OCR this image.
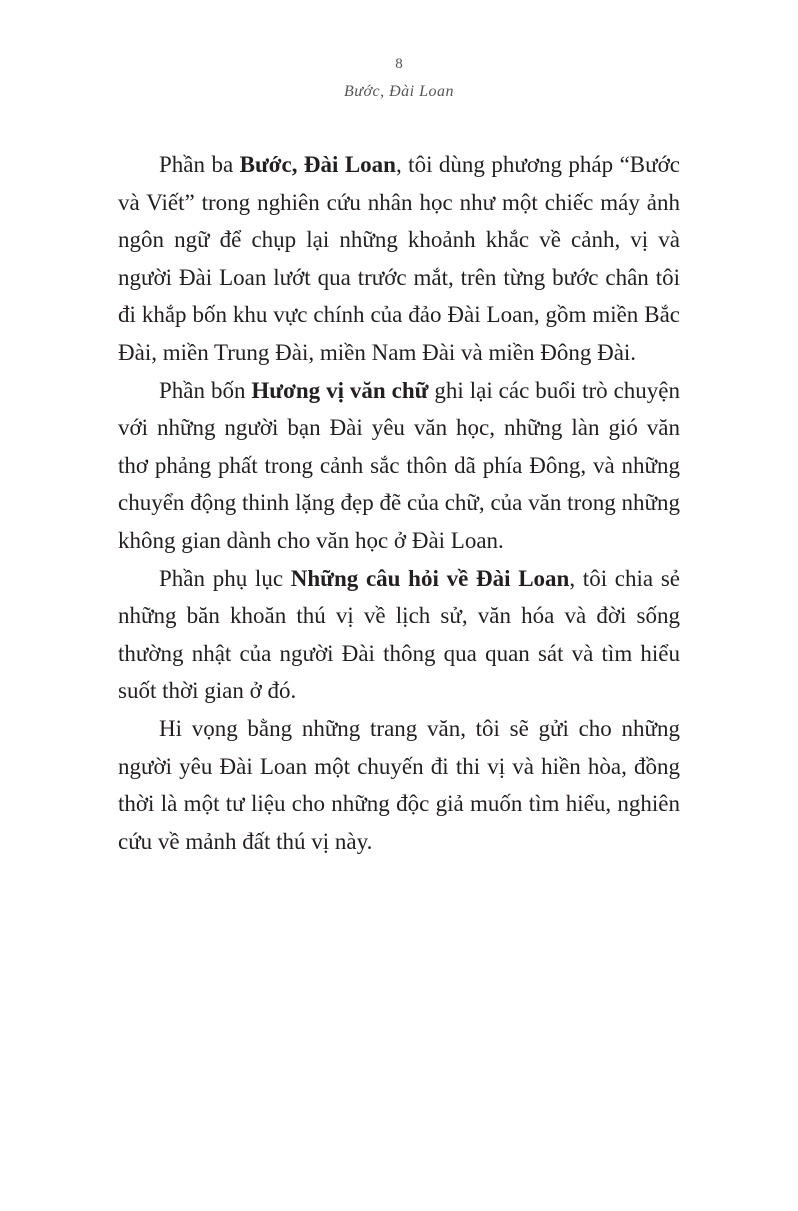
8
Bước, Đài Loan

Phần ba Bước, Đài Loan, tôi dùng phương pháp “Bước và Viết” trong nghiên cứu nhân học như một chiếc máy ảnh ngôn ngữ để chụp lại những khoảnh khắc về cảnh, vị và người Đài Loan lướt qua trước mắt, trên từng bước chân tôi đi khắp bốn khu vực chính của đảo Đài Loan, gồm miền Bắc Đài, miền Trung Đài, miền Nam Đài và miền Đông Đài.

Phần bốn Hương vị văn chữ ghi lại các buổi trò chuyện với những người bạn Đài yêu văn học, những làn gió văn thơ phảng phất trong cảnh sắc thôn dã phía Đông, và những chuyển động thinh lặng đẹp đẽ của chữ, của văn trong những không gian dành cho văn học ở Đài Loan.

Phần phụ lục Những câu hỏi về Đài Loan, tôi chia sẻ những băn khoăn thú vị về lịch sử, văn hóa và đời sống thường nhật của người Đài thông qua quan sát và tìm hiểu suốt thời gian ở đó.

Hi vọng bằng những trang văn, tôi sẽ gửi cho những người yêu Đài Loan một chuyến đi thi vị và hiền hòa, đồng thời là một tư liệu cho những độc giả muốn tìm hiểu, nghiên cứu về mảnh đất thú vị này.
